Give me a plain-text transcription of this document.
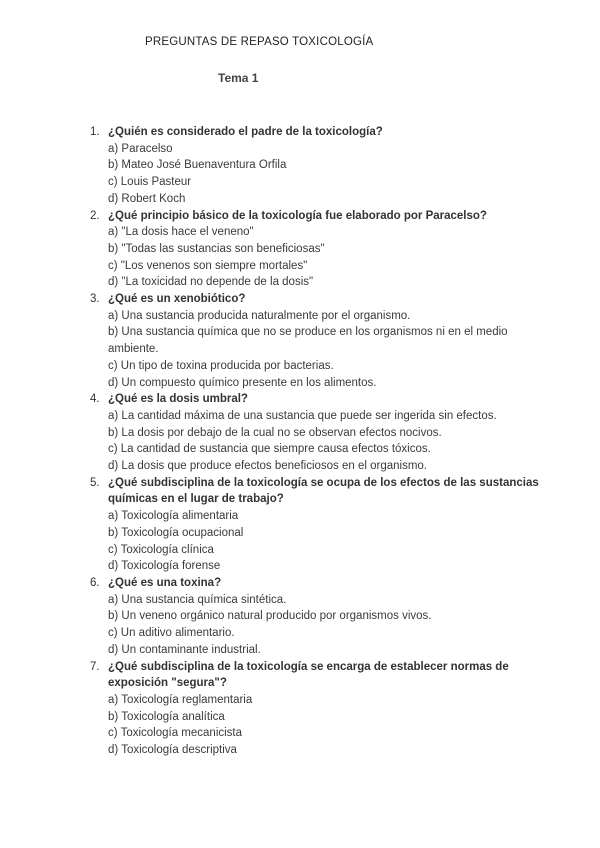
PREGUNTAS DE REPASO TOXICOLOGÍA
Tema 1
1. ¿Quién es considerado el padre de la toxicología?
a) Paracelso
b) Mateo José Buenaventura Orfila
c) Louis Pasteur
d) Robert Koch
2. ¿Qué principio básico de la toxicología fue elaborado por Paracelso?
a) "La dosis hace el veneno"
b) "Todas las sustancias son beneficiosas"
c) "Los venenos son siempre mortales"
d) "La toxicidad no depende de la dosis"
3. ¿Qué es un xenobiótico?
a) Una sustancia producida naturalmente por el organismo.
b) Una sustancia química que no se produce en los organismos ni en el medio ambiente.
c) Un tipo de toxina producida por bacterias.
d) Un compuesto químico presente en los alimentos.
4. ¿Qué es la dosis umbral?
a) La cantidad máxima de una sustancia que puede ser ingerida sin efectos.
b) La dosis por debajo de la cual no se observan efectos nocivos.
c) La cantidad de sustancia que siempre causa efectos tóxicos.
d) La dosis que produce efectos beneficiosos en el organismo.
5. ¿Qué subdisciplina de la toxicología se ocupa de los efectos de las sustancias químicas en el lugar de trabajo?
a) Toxicología alimentaria
b) Toxicología ocupacional
c) Toxicología clínica
d) Toxicología forense
6. ¿Qué es una toxina?
a) Una sustancia química sintética.
b) Un veneno orgánico natural producido por organismos vivos.
c) Un aditivo alimentario.
d) Un contaminante industrial.
7. ¿Qué subdisciplina de la toxicología se encarga de establecer normas de exposición "segura"?
a) Toxicología reglamentaria
b) Toxicología analítica
c) Toxicología mecanicista
d) Toxicología descriptiva
